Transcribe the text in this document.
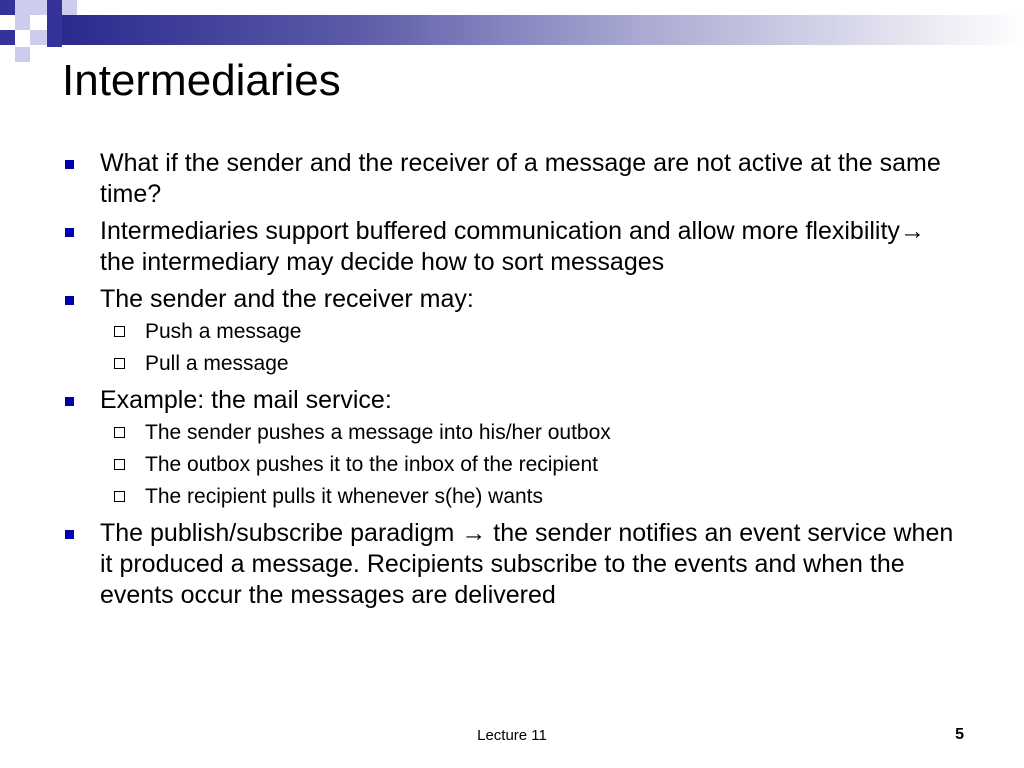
Intermediaries
What if the sender and the receiver of a message are not active at the same time?
Intermediaries support buffered communication and allow more flexibility→ the intermediary may decide how to sort messages
The sender and the receiver may:
Push a message
Pull a message
Example: the mail service:
The sender pushes a message into his/her outbox
The outbox pushes it to the inbox of the recipient
The recipient pulls it whenever s(he) wants
The publish/subscribe paradigm → the sender notifies an event service when it produced a message. Recipients subscribe to the events and when the events occur the messages are delivered
Lecture 11	5
